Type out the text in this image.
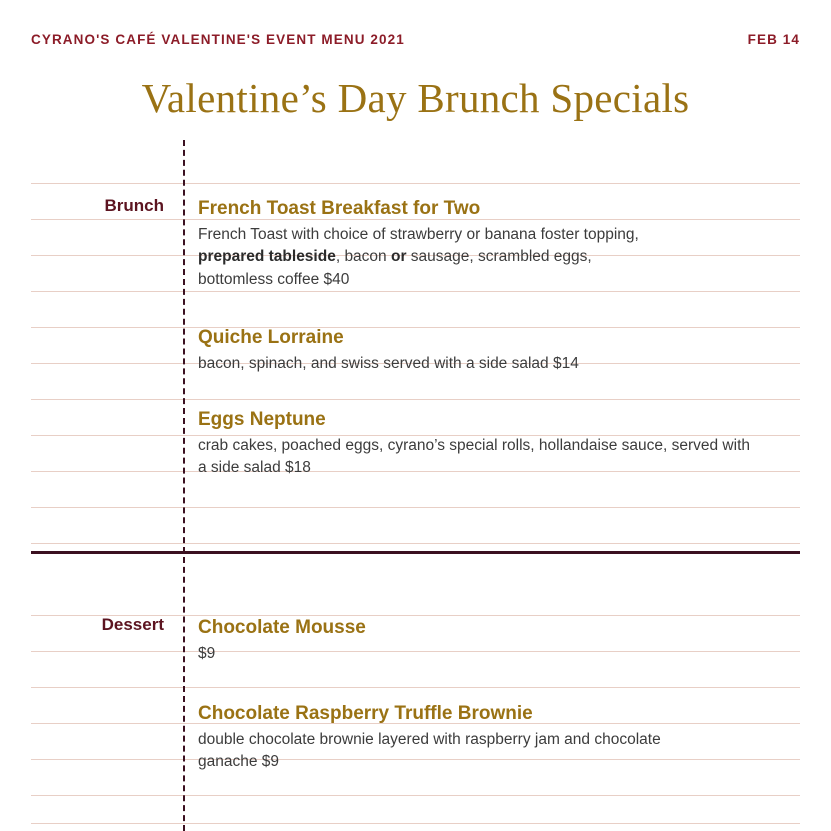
CYRANO'S CAFÉ VALENTINE'S EVENT MENU 2021	FEB 14
Valentine’s Day Brunch Specials
Brunch French Toast Breakfast for Two
French Toast with choice of strawberry or banana foster topping,
prepared tableside, bacon or sausage, scrambled eggs,
bottomless coffee $40
Quiche Lorraine
bacon, spinach, and swiss served with a side salad $14
Eggs Neptune
crab cakes, poached eggs, cyrano’s special rolls, hollandaise sauce, served with a side salad $18
Dessert Chocolate Mousse
$9
Chocolate Raspberry Truffle Brownie
double chocolate brownie layered with raspberry jam and chocolate ganache $9
